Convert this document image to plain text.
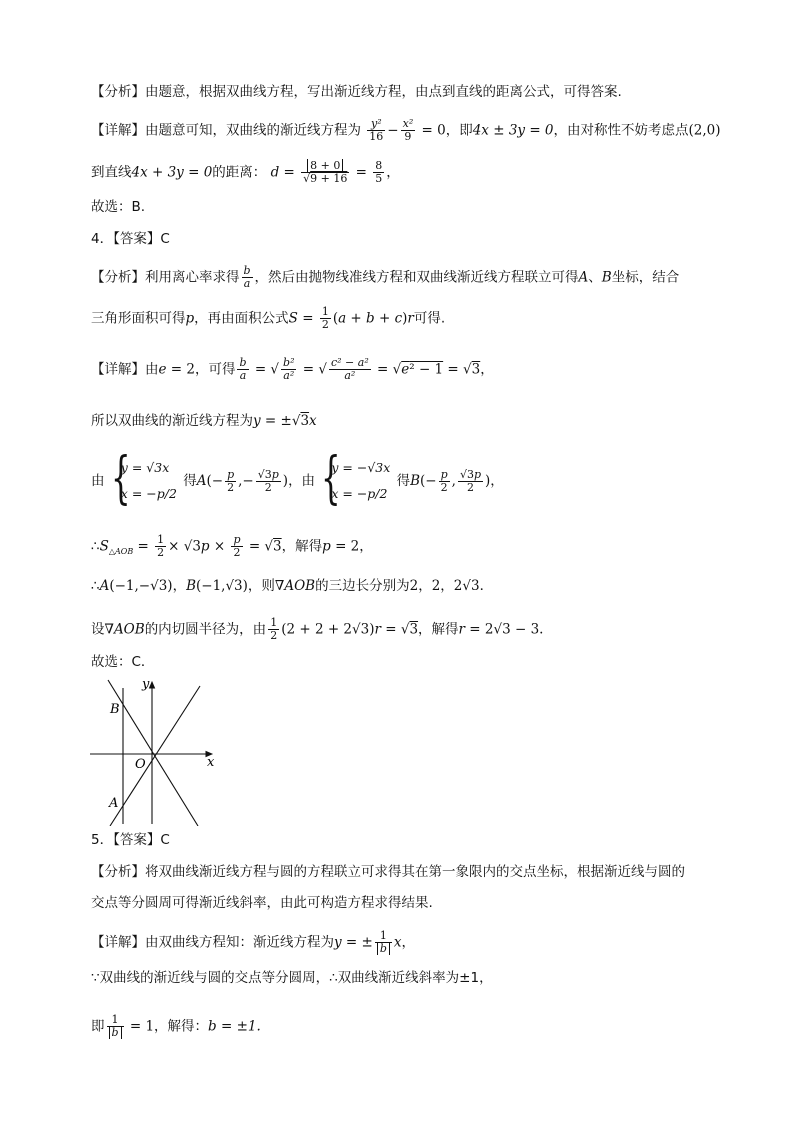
【分析】由题意，根据双曲线方程，写出渐近线方程，由点到直线的距离公式，可得答案.
【详解】由题意可知，双曲线的渐近线方程为 $\frac{\text{y²}}{16} - \frac{\text{x²}}{9} = 0$，即4x ± 3y = 0，由对称性不妨考虑点(2,0)
到直线4x + 3y = 0的距离： $d = \frac{8 + 0}{√9 + 16} = \frac{8}{5}$ ，
故选：B.
4．【答案】C
【分析】利用离心率求得 $\frac{b}{a}$ ，然后由抛物线准线方程和双曲线渐近线方程联立可得A、B坐标，结合
三角形面积可得p，再由面积公式$S = \frac{1}{2} (a + b + c)r$可得.
【详解】由e = 2，可得 $\frac{b}{a}$ = √ $\frac{\text{b²}}{\text{a²}}$ = √ $\frac{\text{c² − a²}}{\text{a²}} = √e^2 - 1 = √3$，
所以双曲线的渐近线方程为y = ±√3x
由 {
y = √3x
x = −p/2
得$A(- \frac{p}{2}$ ,− $\frac{√3p}{2}$ )，由 {
y = −√3x
x = −p/2
得$B(- \frac{p}{2}$ , $\frac{√3p}{2}$ )，
$\therefore S_{\triangle AOB} = \frac{1}{2} \times √3p \times \frac{p}{2} = √3$，解得p = 2，
∴A(−1,−√3)，B(−1,√3)，则∇AOB的三边长分别为2，2，2√3．
设∇AOB的内切圆半径为，由 $\frac{1}{2} (2 + 2 + 2√3)r = √3$，解得r = 2√3 − 3.
故选：C．
y
x
B
O
A
5．【答案】C
【分析】将双曲线渐近线方程与圆的方程联立可求得其在第一象限内的交点坐标，根据渐近线与圆的
交点等分圆周可得渐近线斜率，由此可构造方程求得结果.
【详解】由双曲线方程知：渐近线方程为y = ± $\frac{1}{b}$ x，
∵双曲线的渐近线与圆的交点等分圆周，∴双曲线渐近线斜率为±1，
即 $\frac{1}{b} = 1$，解得：b = ±1.
